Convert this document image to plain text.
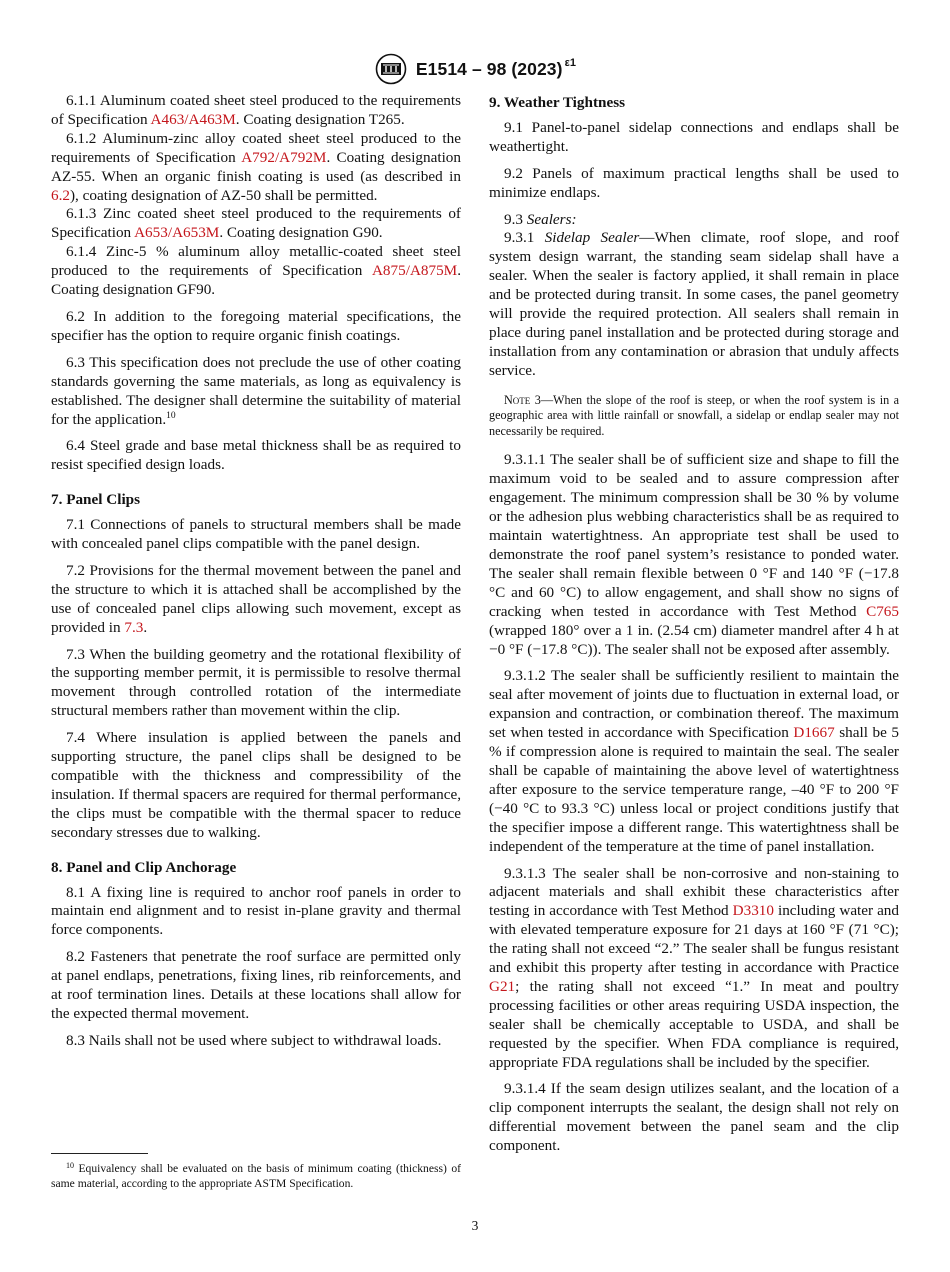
E1514 – 98 (2023) $^{\varepsilon 1}$

6.1.1 Aluminum coated sheet steel produced to the requirements of Specification A463/A463M. Coating designation T265.

6.1.2 Aluminum-zinc alloy coated sheet steel produced to the requirements of Specification A792/A792M. Coating designation AZ-55. When an organic finish coating is used (as described in 6.2), coating designation of AZ-50 shall be permitted.

6.1.3 Zinc coated sheet steel produced to the requirements of Specification A653/A653M. Coating designation G90.

6.1.4 Zinc-5 % aluminum alloy metallic-coated sheet steel produced to the requirements of Specification A875/A875M. Coating designation GF90.

6.2 In addition to the foregoing material specifications, the specifier has the option to require organic finish coatings.

6.3 This specification does not preclude the use of other coating standards governing the same materials, as long as equivalency is established. The designer shall determine the suitability of material for the application.$^{10}$

6.4 Steel grade and base metal thickness shall be as required to resist specified design loads.

7. Panel Clips

7.1 Connections of panels to structural members shall be made with concealed panel clips compatible with the panel design.

7.2 Provisions for the thermal movement between the panel and the structure to which it is attached shall be accomplished by the use of concealed panel clips allowing such movement, except as provided in 7.3.

7.3 When the building geometry and the rotational flexibility of the supporting member permit, it is permissible to resolve thermal movement through controlled rotation of the intermediate structural members rather than movement within the clip.

7.4 Where insulation is applied between the panels and supporting structure, the panel clips shall be designed to be compatible with the thickness and compressibility of the insulation. If thermal spacers are required for thermal performance, the clips must be compatible with the thermal spacer to reduce secondary stresses due to walking.

8. Panel and Clip Anchorage

8.1 A fixing line is required to anchor roof panels in order to maintain end alignment and to resist in-plane gravity and thermal force components.

8.2 Fasteners that penetrate the roof surface are permitted only at panel endlaps, penetrations, fixing lines, rib reinforcements, and at roof termination lines. Details at these locations shall allow for the expected thermal movement.

8.3 Nails shall not be used where subject to withdrawal loads.

9. Weather Tightness

9.1 Panel-to-panel sidelap connections and endlaps shall be weathertight.

9.2 Panels of maximum practical lengths shall be used to minimize endlaps.

9.3 Sealers:

9.3.1 Sidelap Sealer—When climate, roof slope, and roof system design warrant, the standing seam sidelap shall have a sealer. When the sealer is factory applied, it shall remain in place and be protected during transit. In some cases, the panel geometry will provide the required protection. All sealers shall remain in place during panel installation and be protected during storage and installation from any contamination or abrasion that unduly affects service.

Note 3—When the slope of the roof is steep, or when the roof system is in a geographic area with little rainfall or snowfall, a sidelap or endlap sealer may not necessarily be required.

9.3.1.1 The sealer shall be of sufficient size and shape to fill the maximum void to be sealed and to assure compression after engagement. The minimum compression shall be 30 % by volume or the adhesion plus webbing characteristics shall be as required to maintain watertightness. An appropriate test shall be used to demonstrate the roof panel system’s resistance to ponded water. The sealer shall remain flexible between 0 °F and 140 °F (−17.8 °C and 60 °C) to allow engagement, and shall show no signs of cracking when tested in accordance with Test Method C765 (wrapped 180° over a 1 in. (2.54 cm) diameter mandrel after 4 h at −0 °F (−17.8 °C)). The sealer shall not be exposed after assembly.

9.3.1.2 The sealer shall be sufficiently resilient to maintain the seal after movement of joints due to fluctuation in external load, or expansion and contraction, or combination thereof. The maximum set when tested in accordance with Specification D1667 shall be 5 % if compression alone is required to maintain the seal. The sealer shall be capable of maintaining the above level of watertightness after exposure to the service temperature range, –40 °F to 200 °F (−40 °C to 93.3 °C) unless local or project conditions justify that the specifier impose a different range. This watertightness shall be independent of the temperature at the time of panel installation.

9.3.1.3 The sealer shall be non-corrosive and non-staining to adjacent materials and shall exhibit these characteristics after testing in accordance with Test Method D3310 including water and with elevated temperature exposure for 21 days at 160 °F (71 °C); the rating shall not exceed “2.” The sealer shall be fungus resistant and exhibit this property after testing in accordance with Practice G21; the rating shall not exceed “1.” In meat and poultry processing facilities or other areas requiring USDA inspection, the sealer shall be chemically acceptable to USDA, and shall be requested by the specifier. When FDA compliance is required, appropriate FDA regulations shall be included by the specifier.

9.3.1.4 If the seam design utilizes sealant, and the location of a clip component interrupts the sealant, the design shall not rely on differential movement between the panel seam and the clip component.

$^{10}$ Equivalency shall be evaluated on the basis of minimum coating (thickness) of same material, according to the appropriate ASTM Specification.
3
